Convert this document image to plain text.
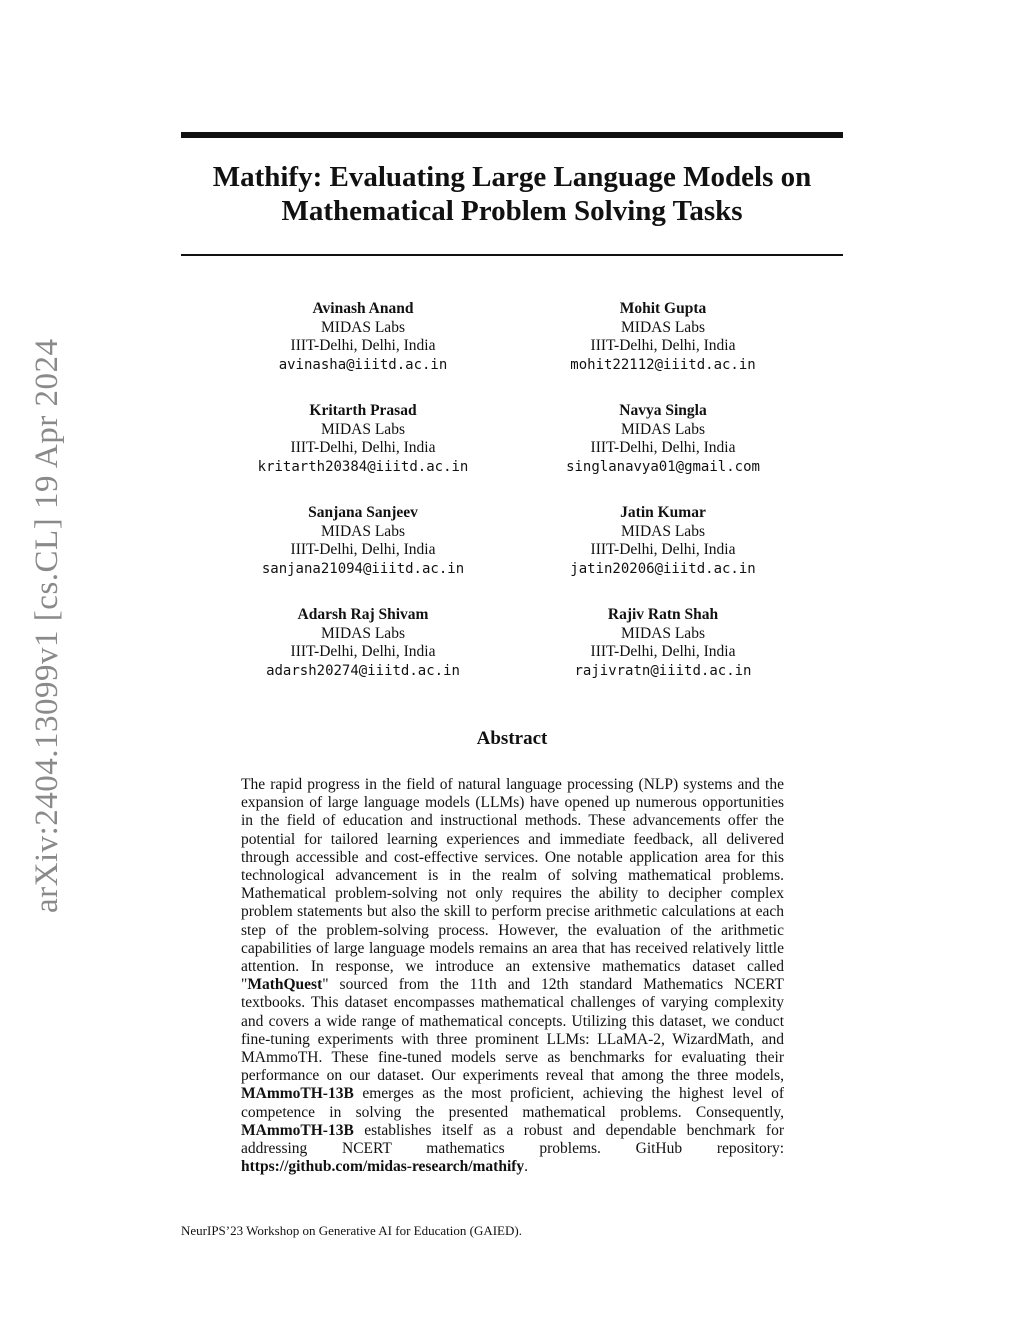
arXiv:2404.13099v1 [cs.CL] 19 Apr 2024
Mathify: Evaluating Large Language Models on
Mathematical Problem Solving Tasks
Avinash Anand
MIDAS Labs
IIIT-Delhi, Delhi, India
avinasha@iiitd.ac.in
Mohit Gupta
MIDAS Labs
IIIT-Delhi, Delhi, India
mohit22112@iiitd.ac.in
Kritarth Prasad
MIDAS Labs
IIIT-Delhi, Delhi, India
kritarth20384@iiitd.ac.in
Navya Singla
MIDAS Labs
IIIT-Delhi, Delhi, India
singlanavya01@gmail.com
Sanjana Sanjeev
MIDAS Labs
IIIT-Delhi, Delhi, India
sanjana21094@iiitd.ac.in
Jatin Kumar
MIDAS Labs
IIIT-Delhi, Delhi, India
jatin20206@iiitd.ac.in
Adarsh Raj Shivam
MIDAS Labs
IIIT-Delhi, Delhi, India
adarsh20274@iiitd.ac.in
Rajiv Ratn Shah
MIDAS Labs
IIIT-Delhi, Delhi, India
rajivratn@iiitd.ac.in
Abstract
The rapid progress in the field of natural language processing (NLP) systems and the expansion of large language models (LLMs) have opened up numerous opportunities in the field of education and instructional methods. These advancements offer the potential for tailored learning experiences and immediate feedback, all delivered through accessible and cost-effective services. One notable application area for this technological advancement is in the realm of solving mathematical problems. Mathematical problem-solving not only requires the ability to decipher complex problem statements but also the skill to perform precise arithmetic calculations at each step of the problem-solving process. However, the evaluation of the arithmetic capabilities of large language models remains an area that has received relatively little attention. In response, we introduce an extensive mathematics dataset called "MathQuest" sourced from the 11th and 12th standard Mathematics NCERT textbooks. This dataset encompasses mathematical challenges of varying complexity and covers a wide range of mathematical concepts. Utilizing this dataset, we conduct fine-tuning experiments with three prominent LLMs: LLaMA-2, WizardMath, and MAmmoTH. These fine-tuned models serve as benchmarks for evaluating their performance on our dataset. Our experiments reveal that among the three models, MAmmoTH-13B emerges as the most proficient, achieving the highest level of competence in solving the presented mathematical problems. Consequently, MAmmoTH-13B establishes itself as a robust and dependable benchmark for addressing NCERT mathematics problems. GitHub repository: https://github.com/midas-research/mathify.
NeurIPS’23 Workshop on Generative AI for Education (GAIED).
